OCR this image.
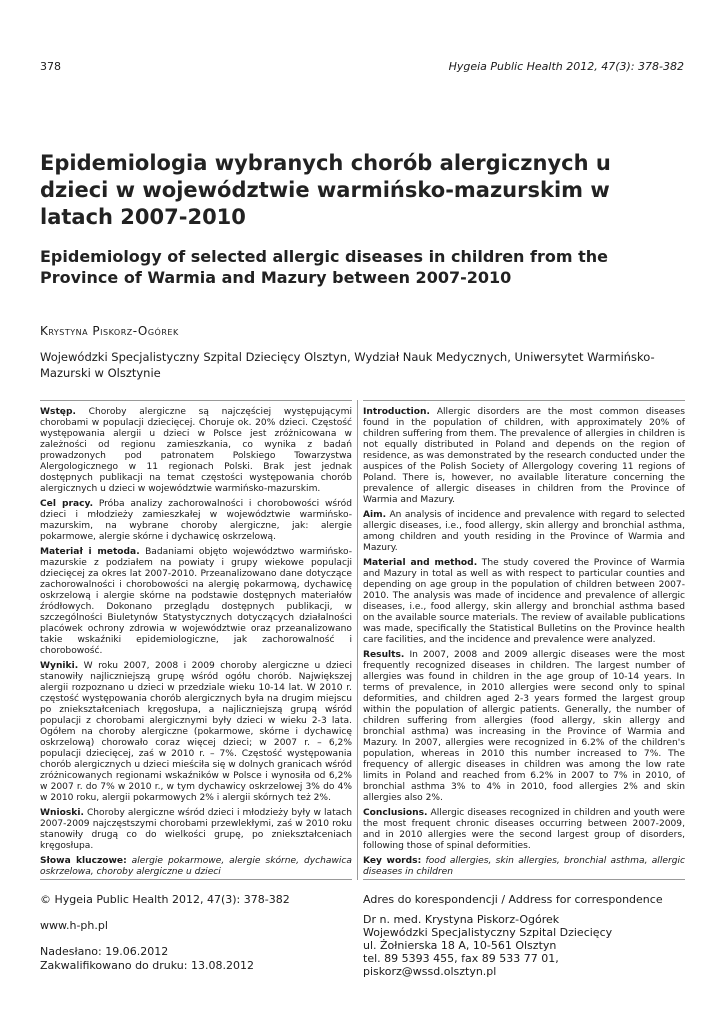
378	Hygeia Public Health 2012, 47(3): 378-382
Epidemiologia wybranych chorób alergicznych u dzieci w województwie warmińsko-mazurskim w latach 2007-2010
Epidemiology of selected allergic diseases in children from the Province of Warmia and Mazury between 2007-2010
Krystyna Piskorz-Ogórek
Wojewódzki Specjalistyczny Szpital Dziecięcy Olsztyn, Wydział Nauk Medycznych, Uniwersytet Warmińsko-Mazurski w Olsztynie

Wstęp. Choroby alergiczne są najczęściej występującymi chorobami w populacji dziecięcej. Choruje ok. 20% dzieci. Częstość występowania alergii u dzieci w Polsce jest zróżnicowana w zależności od regionu zamieszkania, co wynika z badań prowadzonych pod patronatem Polskiego Towarzystwa Alergologicznego w 11 regionach Polski. Brak jest jednak dostępnych publikacji na temat częstości występowania chorób alergicznych u dzieci w województwie warmińsko-mazurskim.

Cel pracy. Próba analizy zachorowalności i chorobowości wśród dzieci i młodzieży zamieszkałej w województwie warmińsko-mazurskim, na wybrane choroby alergiczne, jak: alergie pokarmowe, alergie skórne i dychawicę oskrzelową.

Materiał i metoda. Badaniami objęto województwo warmińsko-mazurskie z podziałem na powiaty i grupy wiekowe populacji dziecięcej za okres lat 2007-2010. Przeanalizowano dane dotyczące zachorowalności i chorobowości na alergię pokarmową, dychawicę oskrzelową i alergie skórne na podstawie dostępnych materiałów źródłowych. Dokonano przeglądu dostępnych publikacji, w szczególności Biuletynów Statystycznych dotyczących działalności placówek ochrony zdrowia w województwie oraz przeanalizowano takie wskaźniki epidemiologiczne, jak zachorowalność i chorobowość.

Wyniki. W roku 2007, 2008 i 2009 choroby alergiczne u dzieci stanowiły najliczniejszą grupę wśród ogółu chorób. Największej alergii rozpoznano u dzieci w przedziale wieku 10-14 lat. W 2010 r. częstość występowania chorób alergicznych była na drugim miejscu po zniekształceniach kręgosłupa, a najliczniejszą grupą wśród populacji z chorobami alergicznymi były dzieci w wieku 2-3 lata. Ogółem na choroby alergiczne (pokarmowe, skórne i dychawicę oskrzelową) chorowało coraz więcej dzieci; w 2007 r. – 6,2% populacji dziecięcej, zaś w 2010 r. – 7%. Częstość występowania chorób alergicznych u dzieci mieściła się w dolnych granicach wśród zróżnicowanych regionami wskaźników w Polsce i wynosiła od 6,2% w 2007 r. do 7% w 2010 r., w tym dychawicy oskrzelowej 3% do 4% w 2010 roku, alergii pokarmowych 2% i alergii skórnych też 2%.

Wnioski. Choroby alergiczne wśród dzieci i młodzieży były w latach 2007-2009 najczęstszymi chorobami przewlekłymi, zaś w 2010 roku stanowiły drugą co do wielkości grupę, po zniekształceniach kręgosłupa.

Słowa kluczowe: alergie pokarmowe, alergie skórne, dychawica oskrzelowa, choroby alergiczne u dzieci

Introduction. Allergic disorders are the most common diseases found in the population of children, with approximately 20% of children suffering from them. The prevalence of allergies in children is not equally distributed in Poland and depends on the region of residence, as was demonstrated by the research conducted under the auspices of the Polish Society of Allergology covering 11 regions of Poland. There is, however, no available literature concerning the prevalence of allergic diseases in children from the Province of Warmia and Mazury.

Aim. An analysis of incidence and prevalence with regard to selected allergic diseases, i.e., food allergy, skin allergy and bronchial asthma, among children and youth residing in the Province of Warmia and Mazury.

Material and method. The study covered the Province of Warmia and Mazury in total as well as with respect to particular counties and depending on age group in the population of children between 2007-2010. The analysis was made of incidence and prevalence of allergic diseases, i.e., food allergy, skin allergy and bronchial asthma based on the available source materials. The review of available publications was made, specifically the Statistical Bulletins on the Province health care facilities, and the incidence and prevalence were analyzed.

Results. In 2007, 2008 and 2009 allergic diseases were the most frequently recognized diseases in children. The largest number of allergies was found in children in the age group of 10-14 years. In terms of prevalence, in 2010 allergies were second only to spinal deformities, and children aged 2-3 years formed the largest group within the population of allergic patients. Generally, the number of children suffering from allergies (food allergy, skin allergy and bronchial asthma) was increasing in the Province of Warmia and Mazury. In 2007, allergies were recognized in 6.2% of the children's population, whereas in 2010 this number increased to 7%. The frequency of allergic diseases in children was among the low rate limits in Poland and reached from 6.2% in 2007 to 7% in 2010, of bronchial asthma 3% to 4% in 2010, food allergies 2% and skin allergies also 2%.

Conclusions. Allergic diseases recognized in children and youth were the most frequent chronic diseases occurring between 2007-2009, and in 2010 allergies were the second largest group of disorders, following those of spinal deformities.

Key words: food allergies, skin allergies, bronchial asthma, allergic diseases in children

© Hygeia Public Health 2012, 47(3): 378-382
www.h-ph.pl
Nadesłano: 19.06.2012
Zakwalifikowano do druku: 13.08.2012
Adres do korespondencji / Address for correspondence
Dr n. med. Krystyna Piskorz-Ogórek
Wojewódzki Specjalistyczny Szpital Dziecięcy
ul. Żołnierska 18 A, 10-561 Olsztyn
tel. 89 5393 455, fax 89 533 77 01, piskorz@wssd.olsztyn.pl
